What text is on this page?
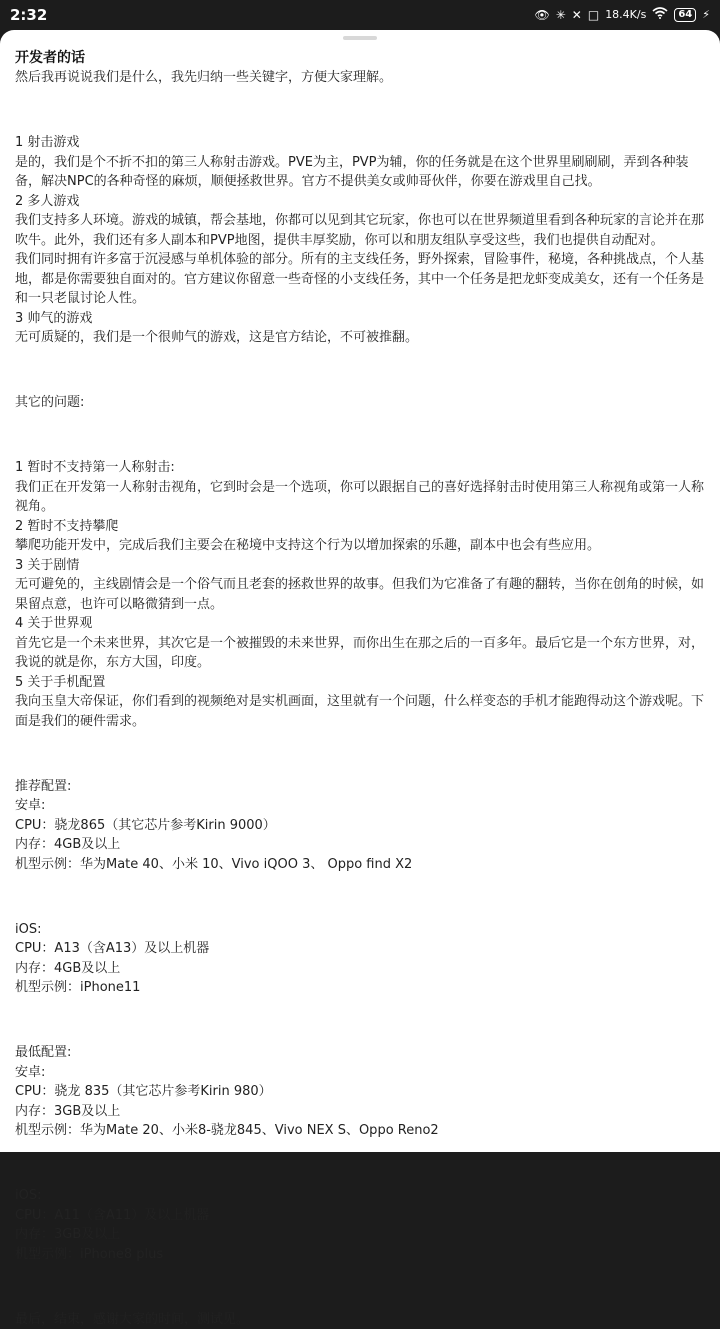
2:32	👁 ✳ ✕ □ 18.4K/s	64 ⚡
开发者的话

然后我再说说我们是什么，我先归纳一些关键字，方便大家理解。

1 射击游戏

是的，我们是个不折不扣的第三人称射击游戏。PVE为主，PVP为辅，你的任务就是在这个世界里刷刷刷，弄到各种装备，解决NPC的各种奇怪的麻烦，顺便拯救世界。官方不提供美女或帅哥伙伴，你要在游戏里自己找。

2 多人游戏

我们支持多人环境。游戏的城镇，帮会基地，你都可以见到其它玩家，你也可以在世界频道里看到各种玩家的言论并在那吹牛。此外，我们还有多人副本和PVP地图，提供丰厚奖励，你可以和朋友组队享受这些，我们也提供自动配对。

我们同时拥有许多富于沉浸感与单机体验的部分。所有的主支线任务，野外探索，冒险事件，秘境，各种挑战点，个人基地，都是你需要独自面对的。官方建议你留意一些奇怪的小支线任务，其中一个任务是把龙虾变成美女，还有一个任务是和一只老鼠讨论人性。

3 帅气的游戏

无可质疑的，我们是一个很帅气的游戏，这是官方结论，不可被推翻。

其它的问题:

1 暂时不支持第一人称射击:

我们正在开发第一人称射击视角，它到时会是一个选项，你可以跟据自己的喜好选择射击时使用第三人称视角或第一人称视角。

2 暂时不支持攀爬

攀爬功能开发中，完成后我们主要会在秘境中支持这个行为以增加探索的乐趣，副本中也会有些应用。

3 关于剧情

无可避免的，主线剧情会是一个俗气而且老套的拯救世界的故事。但我们为它准备了有趣的翻转，当你在创角的时候，如果留点意，也许可以略微猜到一点。

4 关于世界观

首先它是一个未来世界，其次它是一个被摧毁的未来世界，而你出生在那之后的一百多年。最后它是一个东方世界，对，我说的就是你，东方大国，印度。

5 关于手机配置

我向玉皇大帝保证，你们看到的视频绝对是实机画面，这里就有一个问题，什么样变态的手机才能跑得动这个游戏呢。下面是我们的硬件需求。

推荐配置:

安卓:

CPU：骁龙865（其它芯片参考Kirin 9000）

内存：4GB及以上

机型示例：华为Mate 40、小米 10、Vivo iQOO 3、 Oppo find X2

iOS:

CPU：A13（含A13）及以上机器

内存：4GB及以上

机型示例：iPhone11

最低配置:

安卓:

CPU：骁龙 835（其它芯片参考Kirin 980）

内存：3GB及以上

机型示例：华为Mate 20、小米8-骁龙845、Vivo NEX S、Oppo Reno2

iOS:

CPU：A11（含A11）及以上机器

内存：3GB及以上

机型示例：iPhone8 plus

最后，结束，感谢大家的时间，测试见。
